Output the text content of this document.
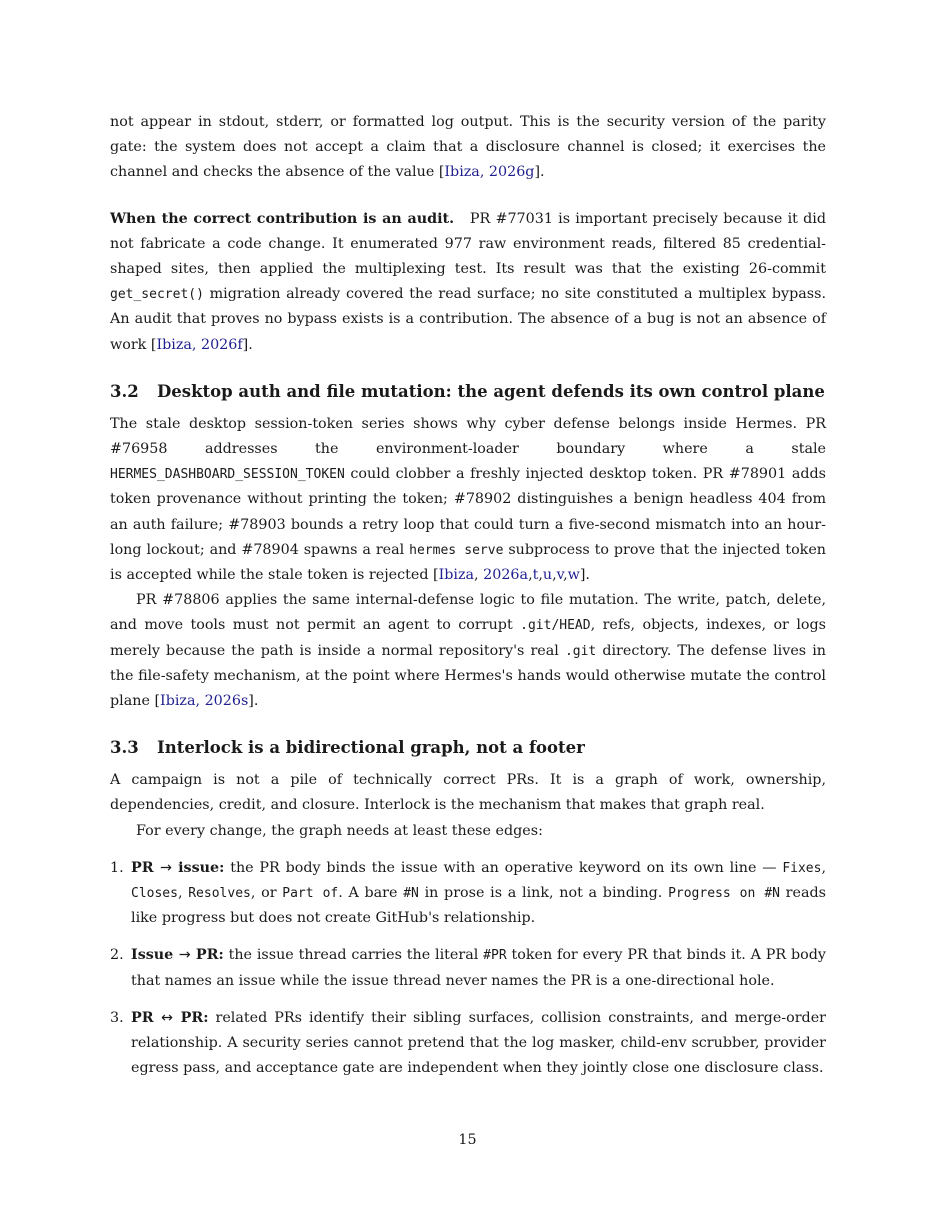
not appear in stdout, stderr, or formatted log output. This is the security version of the parity gate: the system does not accept a claim that a disclosure channel is closed; it exercises the channel and checks the absence of the value [Ibiza, 2026g].

When the correct contribution is an audit. PR #77031 is important precisely because it did not fabricate a code change. It enumerated 977 raw environment reads, filtered 85 credential-shaped sites, then applied the multiplexing test. Its result was that the existing 26-commit get_secret() migration already covered the read surface; no site constituted a multiplex bypass. An audit that proves no bypass exists is a contribution. The absence of a bug is not an absence of work [Ibiza, 2026f].

3.2 Desktop auth and file mutation: the agent defends its own control plane

The stale desktop session-token series shows why cyber defense belongs inside Hermes. PR #76958 addresses the environment-loader boundary where a stale HERMES_DASHBOARD_SESSION_TOKEN could clobber a freshly injected desktop token. PR #78901 adds token provenance without printing the token; #78902 distinguishes a benign headless 404 from an auth failure; #78903 bounds a retry loop that could turn a five-second mismatch into an hour-long lockout; and #78904 spawns a real hermes serve subprocess to prove that the injected token is accepted while the stale token is rejected [Ibiza, 2026a,t,u,v,w].

PR #78806 applies the same internal-defense logic to file mutation. The write, patch, delete, and move tools must not permit an agent to corrupt .git/HEAD, refs, objects, indexes, or logs merely because the path is inside a normal repository's real .git directory. The defense lives in the file-safety mechanism, at the point where Hermes's hands would otherwise mutate the control plane [Ibiza, 2026s].

3.3 Interlock is a bidirectional graph, not a footer

A campaign is not a pile of technically correct PRs. It is a graph of work, ownership, dependencies, credit, and closure. Interlock is the mechanism that makes that graph real.

For every change, the graph needs at least these edges:

1. PR → issue: the PR body binds the issue with an operative keyword on its own line — Fixes, Closes, Resolves, or Part of. A bare #N in prose is a link, not a binding. Progress on #N reads like progress but does not create GitHub's relationship.

2. Issue → PR: the issue thread carries the literal #PR token for every PR that binds it. A PR body that names an issue while the issue thread never names the PR is a one-directional hole.

3. PR ↔ PR: related PRs identify their sibling surfaces, collision constraints, and merge-order relationship. A security series cannot pretend that the log masker, child-env scrubber, provider egress pass, and acceptance gate are independent when they jointly close one disclosure class.

15
